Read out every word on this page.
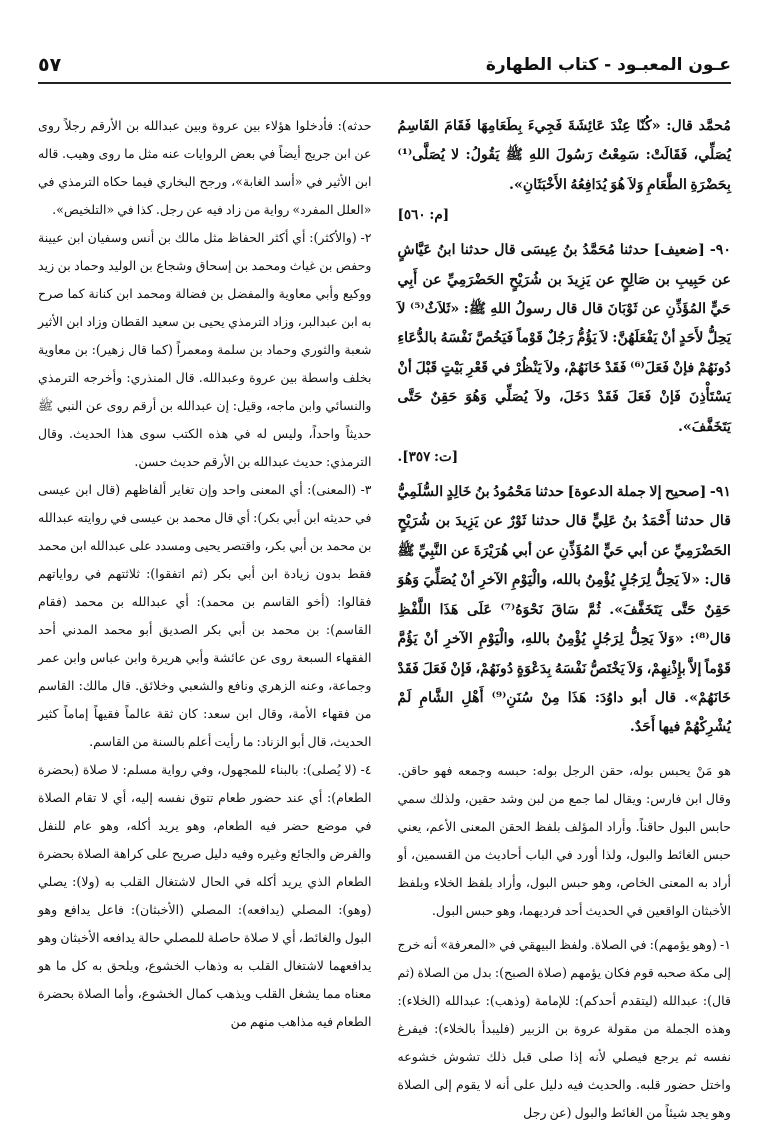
٥٧	عـون المعبـود - كتاب الطهارة

مُحمَّد قال: «كُنّا عِنْدَ عَائِشَةَ فَجِيءَ بِطَعَامِهَا فَقَامَ القَاسِمُ يُصَلِّي، فَقَالَتْ: سَمِعْتُ رَسُولَ اللهِ ﷺ يَقُولُ: لا يُصَلَّى⁽¹⁾ بِحَضْرَةِ الطَّعَامِ وَلاَ هُوَ يُدَافِعُهُ الأَخْبَثَانِ».

[م: ٥٦٠]

٩٠- [ضعيف] حدثنا مُحَمَّدُ بنُ عِيسَى قال حدثنا ابنُ عَيَّاشٍ عن حَبِيبِ بن صَالِحٍ عن يَزِيدَ بن شُرَيْحٍ الحَضْرَمِيِّ عن أَبِي حَيٍّ المُؤَذِّنِ عن ثَوْبَانَ قال قال رسولُ اللهِ ﷺ: «ثَلاَثٌ⁽⁵⁾ لاَ يَحِلُّ لأَحَدٍ أنْ يَفْعَلَهُنَّ: لاَ يَؤُمُّ رَجُلٌ قَوْماً فَيَخُصَّ نَفْسَهُ بالدُّعَاءِ دُونَهُمْ فإنْ فَعَلَ⁽⁶⁾ فَقَدْ خَانَهُمْ، ولاَ يَنْظُرْ في قَعْرِ بَيْتٍ قَبْلَ أنْ يَسْتَأْذِنَ فَإنْ فَعَلَ فَقَدْ دَخَلَ، ولاَ يُصَلِّي وَهُوَ حَقِنٌ حَتَّى يَتَخَفَّفَ».

[ت: ٣٥٧].

٩١- [صحيح إلا جملة الدعوة] حدثنا مَحْمُودُ بنُ خَالِدٍ السُّلَمِيُّ قال حدثنا أَحْمَدُ بنُ عَلِيٍّ قال حدثنا ثَوْرٌ عن يَزِيدَ بن شُرَيْحٍ الحَضْرَمِيِّ عن أبي حَيٍّ المُؤَذِّنِ عن أبي هُرَيْرَةَ عن النَّبِيِّ ﷺ قال: «لاَ يَحِلُّ لِرَجُلٍ يُؤْمِنُ بالله، والْيَوْمِ الآخرِ أنْ يُصَلِّيَ وَهُوَ حَقِنٌ حَتَّى يَتَخَفَّفَ». ثُمَّ سَاقَ نَحْوَهُ⁽⁷⁾ عَلَى هَذَا اللَّفْظِ قال⁽⁸⁾: «وَلاَ يَحِلُّ لِرَجُلٍ يُؤْمِنُ باللهِ، والْيَوْمِ الآخرِ أنْ يَؤُمَّ قَوْماً إلاَّ بإِذْنِهِمْ، وَلاَ يَخْتَصُّ نَفْسَهُ بِدَعْوَةٍ دُونَهُمْ، فَإنْ فَعَلَ فَقَدْ خَانَهُمْ». قال أبو داوُدَ: هَذَا مِنْ سُنَنِ⁽⁹⁾ أَهْلِ الشَّامِ لَمْ يُشْرِكْهُمْ فيها أَحَدٌ.

هو مَنْ يحبس بوله، حقن الرجل بوله: حبسه وجمعه فهو حاقن. وقال ابن فارس: ويقال لما جمع من لبن وشد حقين، ولذلك سمي حابس البول حاقناً. وأراد المؤلف بلفظ الحقن المعنى الأعم، يعني حبس الغائط والبول، ولذا أورد في الباب أحاديث من القسمين، أو أراد به المعنى الخاص، وهو حبس البول، وأراد بلفظ الخلاء وبلفظ الأخبثان الواقعين في الحديث أحد فرديهما، وهو حبس البول.

١- (وهو يؤمهم): في الصلاة. ولفظ البيهقي في «المعرفة» أنه خرج إلى مكة صحبه قوم فكان يؤمهم (صلاة الصبح): بدل من الصلاة (ثم قال): عبدالله (ليتقدم أحدكم): للإمامة (وذهب): عبدالله (الخلاء): وهذه الجملة من مقولة عروة بن الزبير (فليبدأ بالخلاء): فيفرغ نفسه ثم يرجع فيصلي لأنه إذا صلى قبل ذلك تشوش خشوعه واختل حضور قلبه. والحديث فيه دليل على أنه لا يقوم إلى الصلاة وهو يجد شيئاً من الغائط والبول (عن رجل

حدثه): فأدخلوا هؤلاء بين عروة وبين عبدالله بن الأرقم رجلاً روى عن ابن جريج أيضاً في بعض الروايات عنه مثل ما روى وهيب. قاله ابن الأثير في «أسد الغابة»، ورجح البخاري فيما حكاه الترمذي في «العلل المفرد» رواية من زاد فيه عن رجل. كذا في «التلخيص».

٢- (والأكثر): أي أكثر الحفاظ مثل مالك بن أنس وسفيان ابن عيينة وحفص بن غياث ومحمد بن إسحاق وشجاع بن الوليد وحماد بن زيد ووكيع وأبي معاوية والمفضل بن فضالة ومحمد ابن كنانة كما صرح به ابن عبدالبر، وزاد الترمذي يحيى بن سعيد القطان وزاد ابن الأثير شعبة والثوري وحماد بن سلمة ومعمراً (كما قال زهير): بن معاوية بخلف واسطة بين عروة وعبدالله. قال المنذري: وأخرجه الترمذي والنسائي وابن ماجه، وقيل: إن عبدالله بن أرقم روى عن النبي ﷺ حديثاً واحداً، وليس له في هذه الكتب سوى هذا الحديث. وقال الترمذي: حديث عبدالله بن الأرقم حديث حسن.

٣- (المعنى): أي المعنى واحد وإن تغاير ألفاظهم (قال ابن عيسى في حديثه ابن أبي بكر): أي قال محمد بن عيسى في روايته عبدالله بن محمد بن أبي بكر، واقتصر يحيى ومسدد على عبدالله ابن محمد فقط بدون زيادة ابن أبي بكر (ثم اتفقوا): ثلاثتهم في رواياتهم فقالوا: (أخو القاسم بن محمد): أي عبدالله بن محمد (فقام القاسم): بن محمد بن أبي بكر الصديق أبو محمد المدني أحد الفقهاء السبعة روى عن عائشة وأبي هريرة وابن عباس وابن عمر وجماعة، وعنه الزهري ونافع والشعبي وخلائق. قال مالك: القاسم من فقهاء الأمة، وقال ابن سعد: كان ثقة عالماً فقيهاً إماماً كثير الحديث، قال أبو الزناد: ما رأيت أعلم بالسنة من القاسم.

٤- (لا يُصلى): بالبناء للمجهول، وفي رواية مسلم: لا صلاة (بحضرة الطعام): أي عند حضور طعام تتوق نفسه إليه، أي لا تقام الصلاة في موضع حضر فيه الطعام، وهو يريد أكله، وهو عام للنفل والفرض والجائع وغيره وفيه دليل صريح على كراهة الصلاة بحضرة الطعام الذي يريد أكله في الحال لاشتغال القلب به (ولا): يصلي (وهو): المصلي (يدافعه): المصلي (الأخبثان): فاعل يدافع وهو البول والغائط، أي لا صلاة حاصلة للمصلي حالة يدافعه الأخبثان وهو يدافعهما لاشتغال القلب به وذهاب الخشوع، ويلحق به كل ما هو معناه مما يشغل القلب ويذهب كمال الخشوع، وأما الصلاة بحضرة الطعام فيه مذاهب منهم من
